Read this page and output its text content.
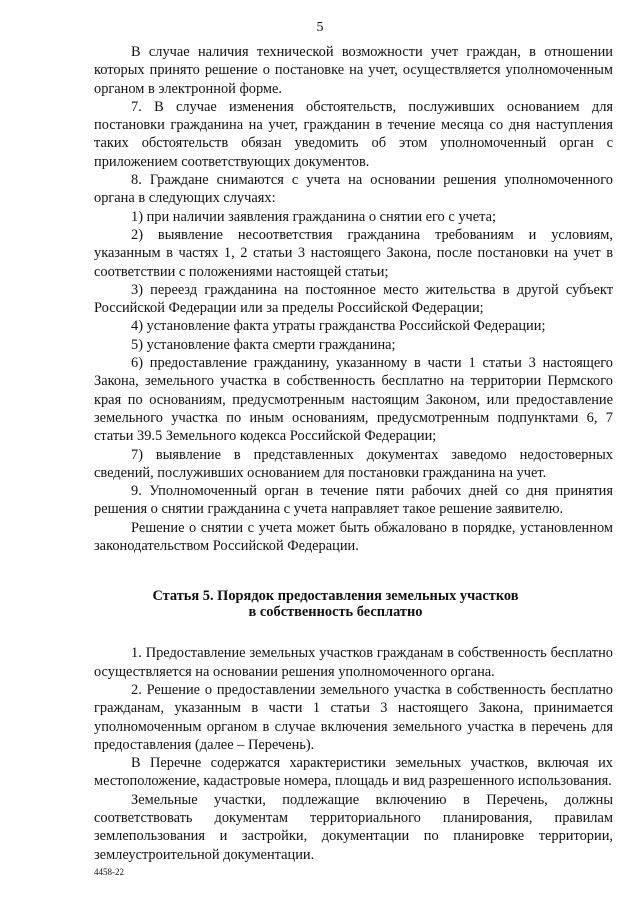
5

В случае наличия технической возможности учет граждан, в отношении которых принято решение о постановке на учет, осуществляется уполномоченным органом в электронной форме.

7. В случае изменения обстоятельств, послуживших основанием для постановки гражданина на учет, гражданин в течение месяца со дня наступления таких обстоятельств обязан уведомить об этом уполномоченный орган с приложением соответствующих документов.

8. Граждане снимаются с учета на основании решения уполномоченного органа в следующих случаях:

1) при наличии заявления гражданина о снятии его с учета;

2) выявление несоответствия гражданина требованиям и условиям, указанным в частях 1, 2 статьи 3 настоящего Закона, после постановки на учет в соответствии с положениями настоящей статьи;

3) переезд гражданина на постоянное место жительства в другой субъект Российской Федерации или за пределы Российской Федерации;

4) установление факта утраты гражданства Российской Федерации;

5) установление факта смерти гражданина;

6) предоставление гражданину, указанному в части 1 статьи 3 настоящего Закона, земельного участка в собственность бесплатно на территории Пермского края по основаниям, предусмотренным настоящим Законом, или предоставление земельного участка по иным основаниям, предусмотренным подпунктами 6, 7 статьи 39.5 Земельного кодекса Российской Федерации;

7) выявление в представленных документах заведомо недостоверных сведений, послуживших основанием для постановки гражданина на учет.

9. Уполномоченный орган в течение пяти рабочих дней со дня принятия решения о снятии гражданина с учета направляет такое решение заявителю.

Решение о снятии с учета может быть обжаловано в порядке, установленном законодательством Российской Федерации.

Статья 5. Порядок предоставления земельных участков
в собственность бесплатно

1. Предоставление земельных участков гражданам в собственность бесплатно осуществляется на основании решения уполномоченного органа.

2. Решение о предоставлении земельного участка в собственность бесплатно гражданам, указанным в части 1 статьи 3 настоящего Закона, принимается уполномоченным органом в случае включения земельного участка в перечень для предоставления (далее – Перечень).

В Перечне содержатся характеристики земельных участков, включая их местоположение, кадастровые номера, площадь и вид разрешенного использования.

Земельные участки, подлежащие включению в Перечень, должны соответствовать документам территориального планирования, правилам землепользования и застройки, документации по планировке территории, землеустроительной документации.

4458-22
